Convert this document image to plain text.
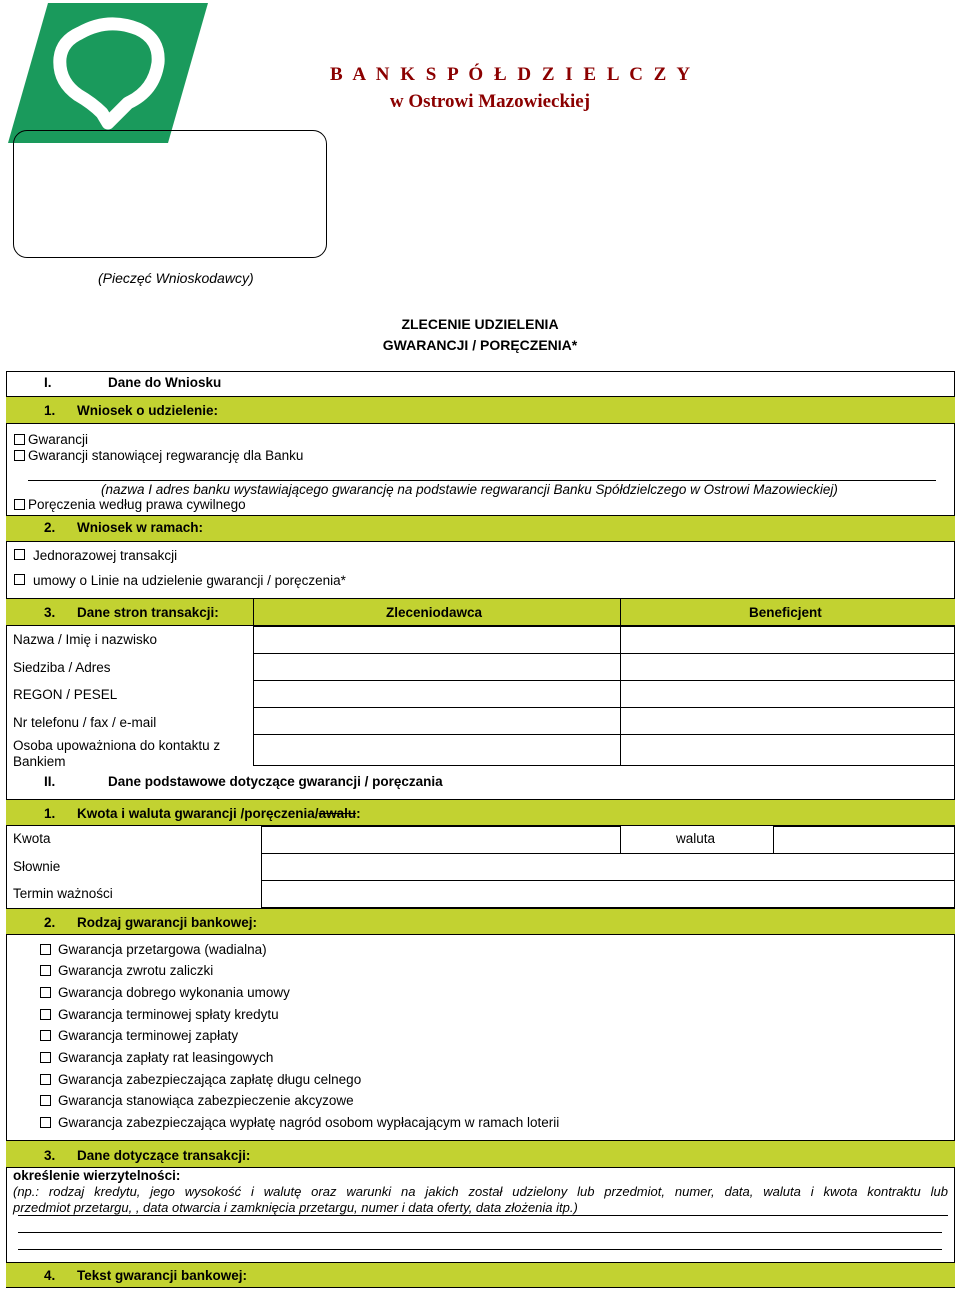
B A N K S P Ó Ł D Z I E L C Z Y
w Ostrowi Mazowieckiej
(Pieczęć Wnioskodawcy)
ZLECENIE UDZIELENIA
GWARANCJI / PORĘCZENIA*
I.	Dane do Wniosku
1. Wniosek o udzielenie:
Gwarancji
Gwarancji stanowiącej regwarancję dla Banku
(nazwa I adres banku wystawiającego gwarancję na podstawie regwarancji Banku Spółdzielczego w Ostrowi Mazowieckiej)
Poręczenia według prawa cywilnego
2. Wniosek w ramach:
Jednorazowej transakcji
umowy o Linie na udzielenie gwarancji / poręczenia*
3. Dane stron transakcji:	Zleceniodawca	Beneficjent
Nazwa / Imię i nazwisko
Siedziba / Adres
REGON / PESEL
Nr telefonu / fax / e-mail
Osoba upoważniona do kontaktu z
Bankiem
II.	Dane podstawowe dotyczące gwarancji / poręczania
1. Kwota i waluta gwarancji /poręczenia/awalu:
Kwota	waluta
Słownie
Termin ważności
2. Rodzaj gwarancji bankowej:
Gwarancja przetargowa (wadialna)
Gwarancja zwrotu zaliczki
Gwarancja dobrego wykonania umowy
Gwarancja terminowej spłaty kredytu
Gwarancja terminowej zapłaty
Gwarancja zapłaty rat leasingowych
Gwarancja zabezpieczająca zapłatę długu celnego
Gwarancja stanowiąca zabezpieczenie akcyzowe
Gwarancja zabezpieczająca wypłatę nagród osobom wypłacającym w ramach loterii
3. Dane dotyczące transakcji:
określenie wierzytelności:
(np.: rodzaj kredytu, jego wysokość i walutę oraz warunki na jakich został udzielony lub przedmiot, numer, data, waluta i kwota kontraktu lub
przedmiot przetargu, , data otwarcia i zamknięcia przetargu, numer i data oferty, data złożenia itp.)
4. Tekst gwarancji bankowej:
